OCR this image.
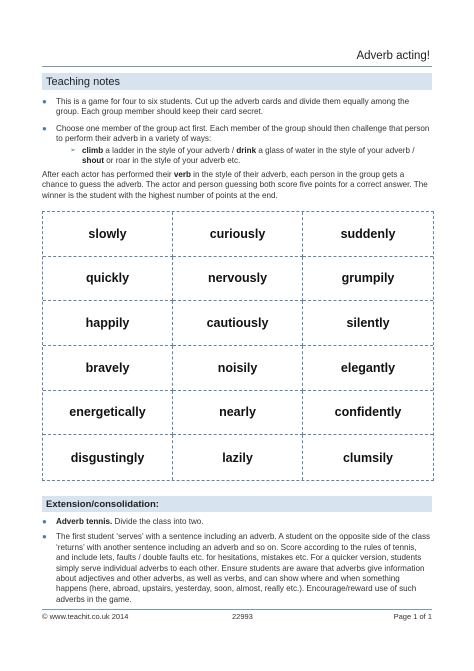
Adverb acting!
Teaching notes
●	This is a game for four to six students. Cut up the adverb cards and divide them equally among the group. Each group member should keep their card secret.
●	Choose one member of the group act first. Each member of the group should then challenge that person to perform their adverb in a variety of ways:
➢ climb a ladder in the style of your adverb / drink a glass of water in the style of your adverb / shout or roar in the style of your adverb etc.
After each actor has performed their verb in the style of their adverb, each person in the group gets a chance to guess the adverb. The actor and person guessing both score five points for a correct answer. The winner is the student with the highest number of points at the end.
slowly	curiously	suddenly
quickly	nervously	grumpily
happily	cautiously	silently
bravely	noisily	elegantly
energetically	nearly	confidently
disgustingly	lazily	clumsily
Extension/consolidation:
●	Adverb tennis. Divide the class into two.
●	The first student ‘serves’ with a sentence including an adverb. A student on the opposite side of the class ‘returns’ with another sentence including an adverb and so on. Score according to the rules of tennis, and include lets, faults / double faults etc. for hesitations, mistakes etc. For a quicker version, students simply serve individual adverbs to each other. Ensure students are aware that adverbs give information about adjectives and other adverbs, as well as verbs, and can show where and when something happens (here, abroad, upstairs, yesterday, soon, almost, really etc.). Encourage/reward use of such adverbs in the game.
© www.teachit.co.uk 2014	22993	Page 1 of 1
